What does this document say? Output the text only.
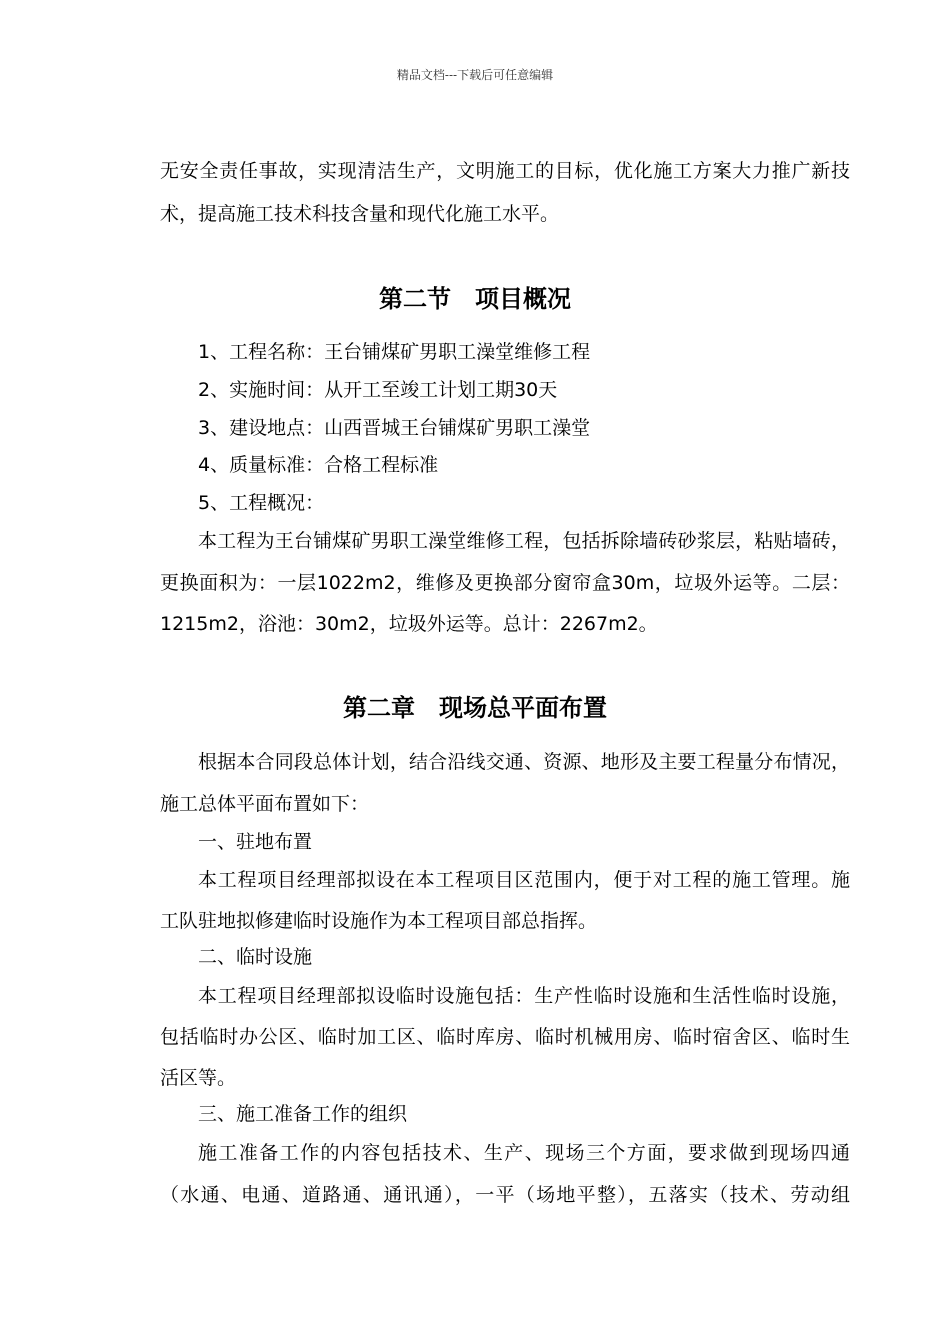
精品文档---下载后可任意编辑
无安全责任事故，实现清洁生产，文明施工的目标，优化施工方案大力推广新技
术，提高施工技术科技含量和现代化施工水平。
第二节　项目概况
1、工程名称：王台铺煤矿男职工澡堂维修工程
2、实施时间：从开工至竣工计划工期30天
3、建设地点：山西晋城王台铺煤矿男职工澡堂
4、质量标准：合格工程标准
5、工程概况：
本工程为王台铺煤矿男职工澡堂维修工程，包括拆除墙砖砂浆层，粘贴墙砖，
更换面积为：一层1022m2，维修及更换部分窗帘盒30m，垃圾外运等。二层：
1215m2，浴池：30m2，垃圾外运等。总计：2267m2。
第二章　现场总平面布置
根据本合同段总体计划，结合沿线交通、资源、地形及主要工程量分布情况，
施工总体平面布置如下：
一、驻地布置
本工程项目经理部拟设在本工程项目区范围内，便于对工程的施工管理。施
工队驻地拟修建临时设施作为本工程项目部总指挥。
二、临时设施
本工程项目经理部拟设临时设施包括：生产性临时设施和生活性临时设施，
包括临时办公区、临时加工区、临时库房、临时机械用房、临时宿舍区、临时生
活区等。
三、施工准备工作的组织
施工准备工作的内容包括技术、生产、现场三个方面，要求做到现场四通
（水通、电通、道路通、通讯通），一平（场地平整），五落实（技术、劳动组
